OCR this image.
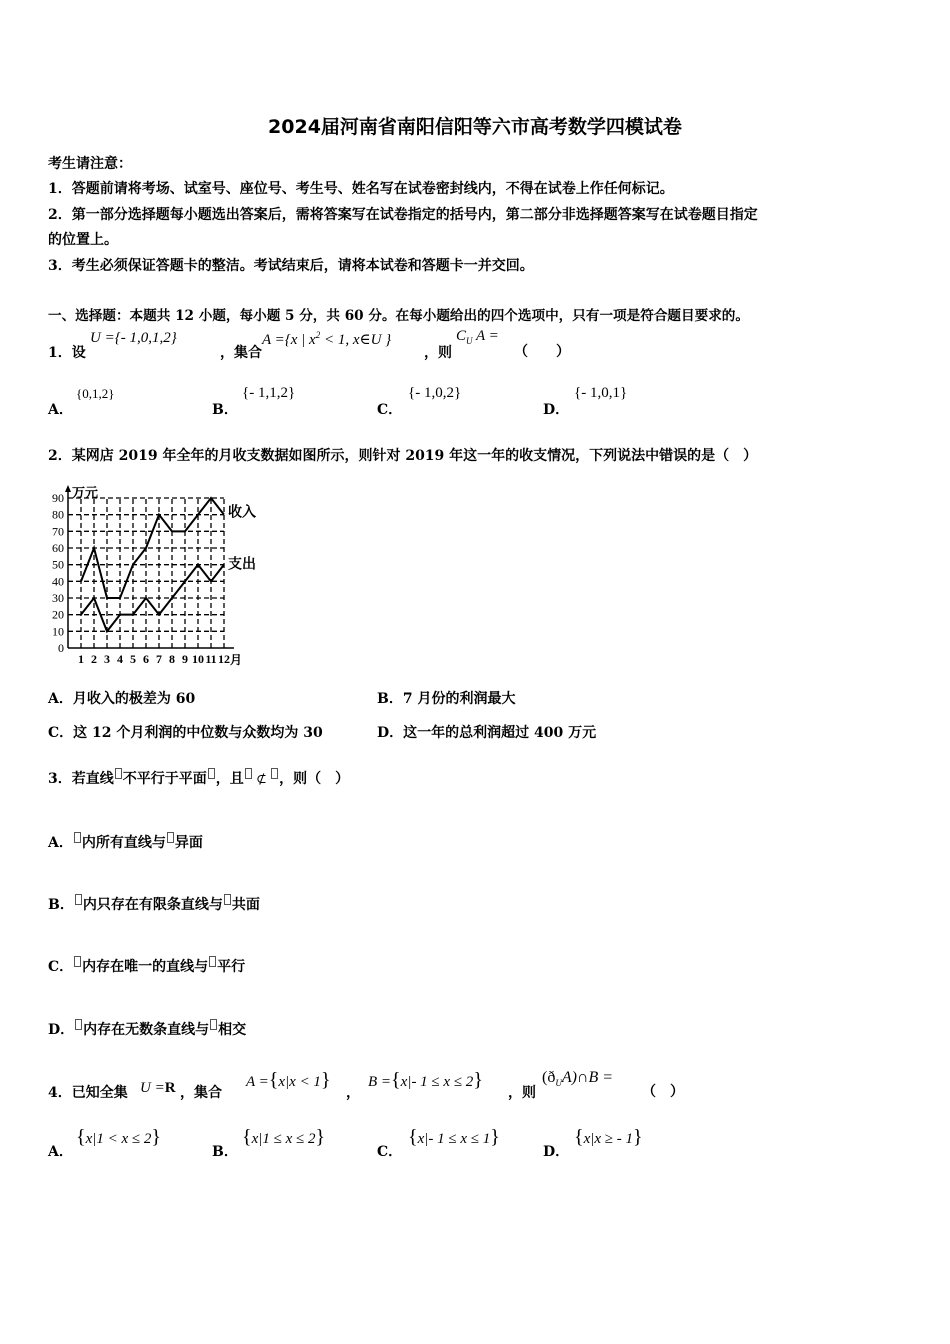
2024届河南省南阳信阳等六市高考数学四模试卷
考生请注意：
1．答题前请将考场、试室号、座位号、考生号、姓名写在试卷密封线内，不得在试卷上作任何标记。
2．第一部分选择题每小题选出答案后，需将答案写在试卷指定的括号内，第二部分非选择题答案写在试卷题目指定
的位置上。
3．考生必须保证答题卡的整洁。考试结束后，请将本试卷和答题卡一并交回。
一、选择题：本题共 12 小题，每小题 5 分，共 60 分。在每小题给出的四个选项中，只有一项是符合题目要求的。
1．设
U ={- 1,0,1,2}
，集合
A ={x | $x^2 < 1$, x∈U }
，则
$C_U$ A =
（　　）
A．
{0,1,2}
B．
{- 1,1,2}
C．
{- 1,0,2}
D．
{- 1,0,1}
2．某网店 2019 年全年的月收支数据如图所示，则针对 2019 年这一年的收支情况，下列说法中错误的是（　）
0
10
20
30
40
50
60
70
80
90
1 2 3 4 5 6 7 8 9 10 11 12
万元
月
收入
支出
A．月收入的极差为 60	B．7 月份的利润最大
C．这 12 个月利润的中位数与众数均为 30	D．这一年的总利润超过 400 万元
3．若直线 不平行于平面 ，且 ⊄ ，则（　）
A． 内所有直线与 异面
B． 内只存在有限条直线与 共面
C． 内存在唯一的直线与 平行
D． 内存在无数条直线与 相交
4．已知全集 U =R ，集合
A ={x|x < 1}
，
B ={x|- 1 ≤ x ≤ 2}
，则
$(ð_UA)\cap B$ =
（　）
A．
{x|1 < x ≤ 2}
B．
{x|1 ≤ x ≤ 2}
C．
{x|- 1 ≤ x ≤ 1}
D．
{x|x ≥ - 1}
